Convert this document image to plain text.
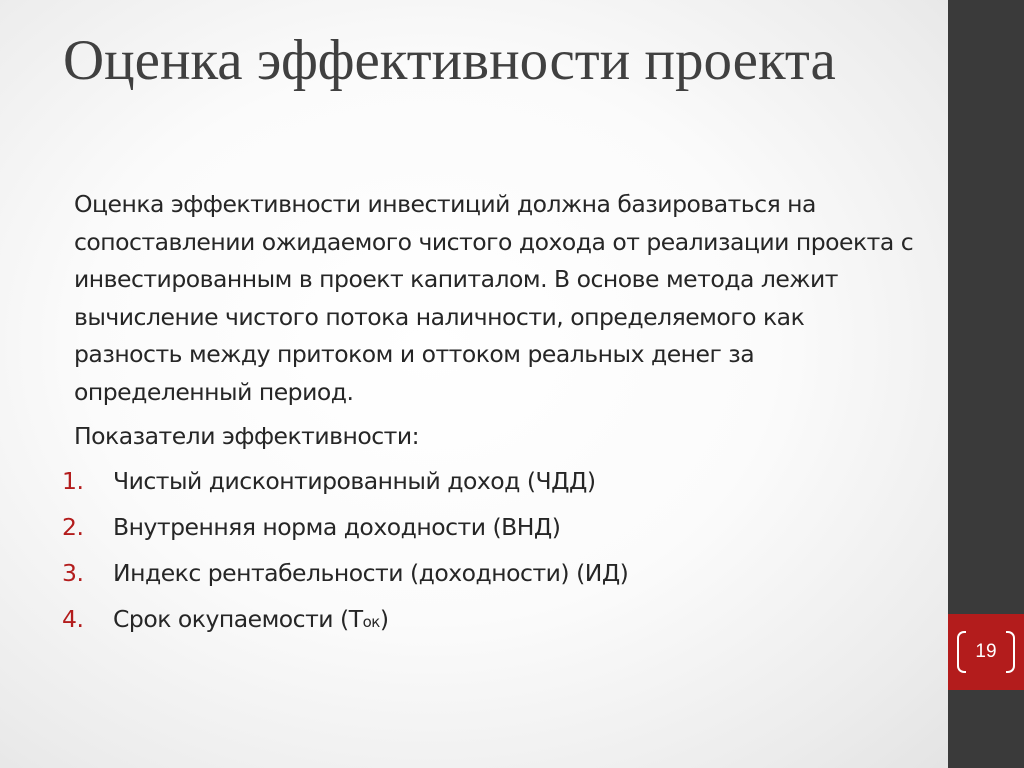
19
Оценка эффективности проекта

Оценка эффективности инвестиций должна базироваться на сопоставлении ожидаемого чистого дохода от реализации проекта с инвестированным в проект капиталом. В основе метода лежит вычисление чистого потока наличности, определяемого как разность между притоком и оттоком реальных денег за определенный период.

Показатели эффективности:

1. Чистый дисконтированный доход (ЧДД)
2. Внутренняя норма доходности (ВНД)
3. Индекс рентабельности (доходности) (ИД)
4. Срок окупаемости (Ток)
